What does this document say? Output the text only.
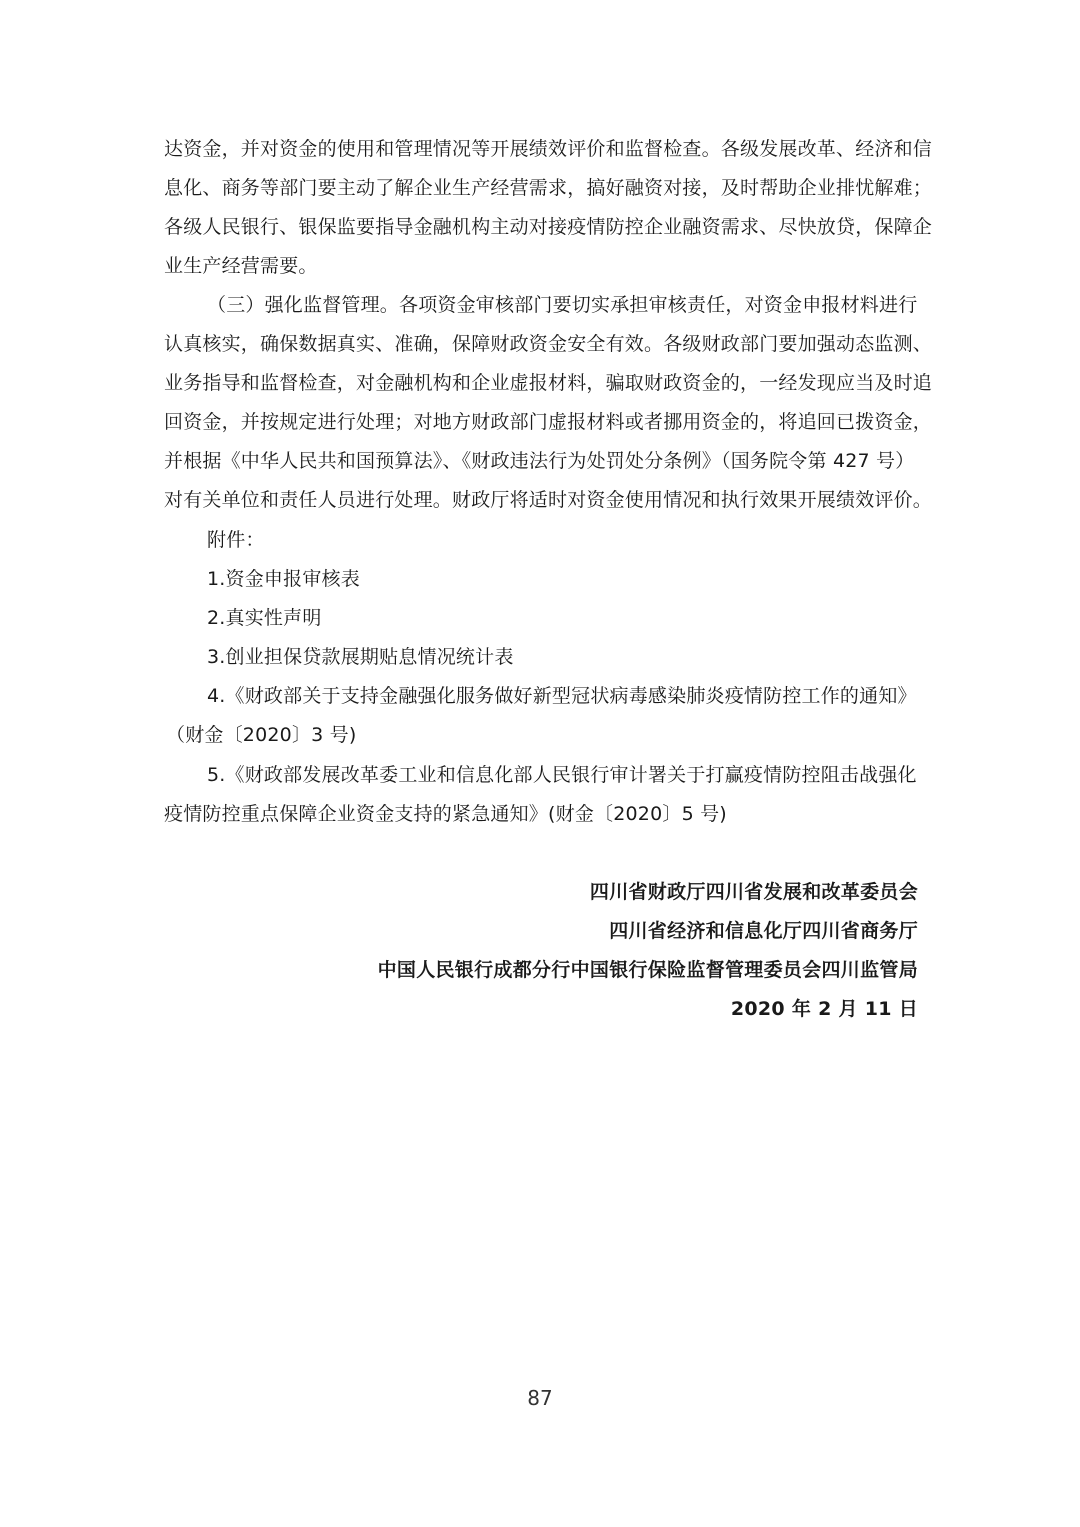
达资金，并对资金的使用和管理情况等开展绩效评价和监督检查。各级发展改革、经济和信
息化、商务等部门要主动了解企业生产经营需求，搞好融资对接，及时帮助企业排忧解难；
各级人民银行、银保监要指导金融机构主动对接疫情防控企业融资需求、尽快放贷，保障企
业生产经营需要。
（三）强化监督管理。各项资金审核部门要切实承担审核责任，对资金申报材料进行
认真核实，确保数据真实、准确，保障财政资金安全有效。各级财政部门要加强动态监测、
业务指导和监督检查，对金融机构和企业虚报材料，骗取财政资金的，一经发现应当及时追
回资金，并按规定进行处理；对地方财政部门虚报材料或者挪用资金的，将追回已拨资金，
并根据《中华人民共和国预算法》、《财政违法行为处罚处分条例》（国务院令第 427 号）
对有关单位和责任人员进行处理。财政厅将适时对资金使用情况和执行效果开展绩效评价。
附件：
1.资金申报审核表
2.真实性声明
3.创业担保贷款展期贴息情况统计表
4.《财政部关于支持金融强化服务做好新型冠状病毒感染肺炎疫情防控工作的通知》
（财金〔2020〕3 号)
5.《财政部发展改革委工业和信息化部人民银行审计署关于打赢疫情防控阻击战强化
疫情防控重点保障企业资金支持的紧急通知》(财金〔2020〕5 号)
四川省财政厅四川省发展和改革委员会
四川省经济和信息化厅四川省商务厅
中国人民银行成都分行中国银行保险监督管理委员会四川监管局
2020 年 2 月 11 日
87
